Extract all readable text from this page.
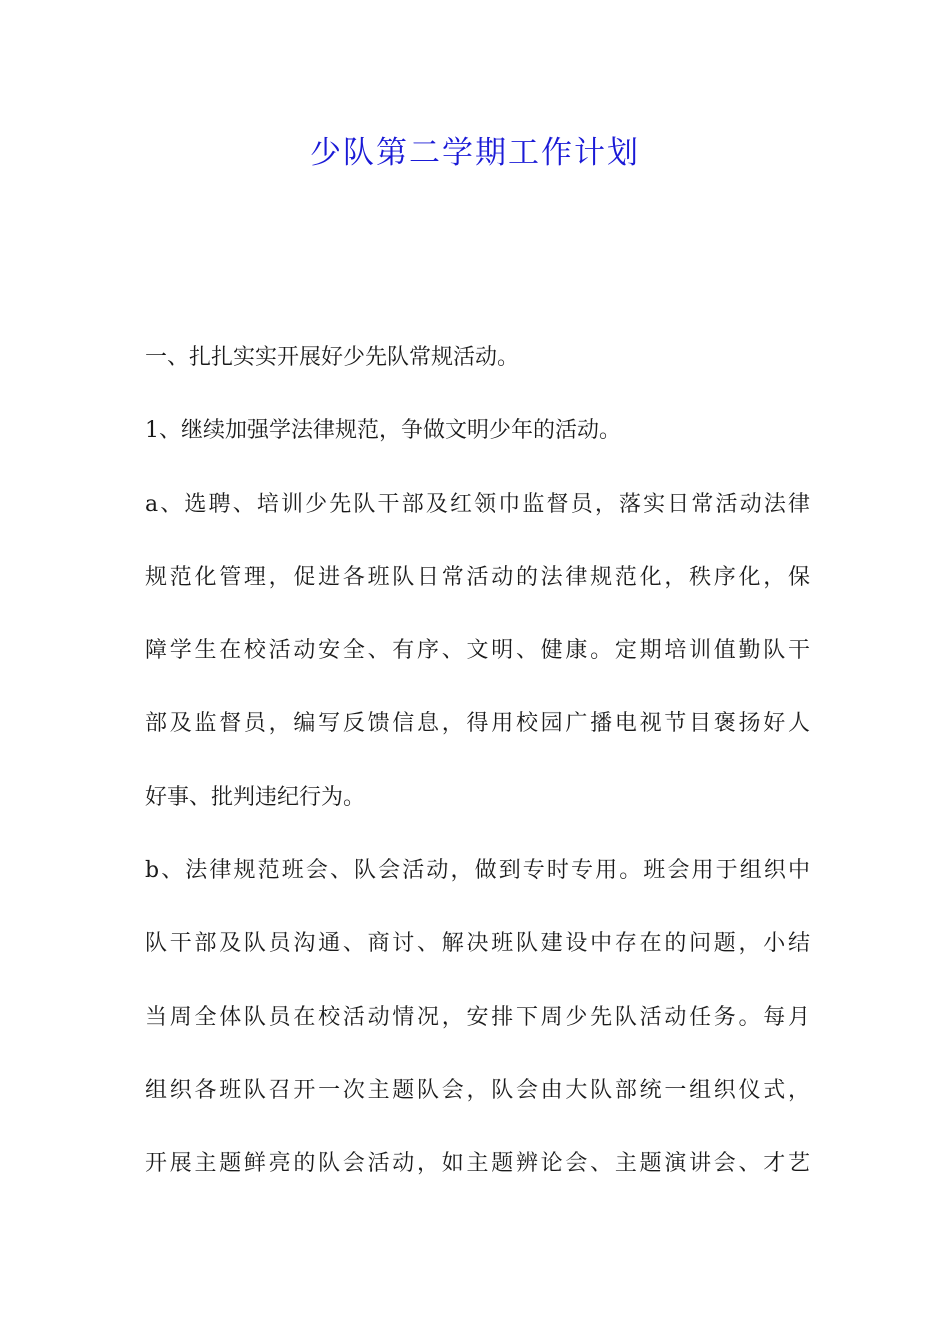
少队第二学期工作计划
一、扎扎实实开展好少先队常规活动。
1、继续加强学法律规范，争做文明少年的活动。
a、选聘、培训少先队干部及红领巾监督员，落实日常活动法律
规范化管理，促进各班队日常活动的法律规范化，秩序化，保
障学生在校活动安全、有序、文明、健康。定期培训值勤队干
部及监督员，编写反馈信息，得用校园广播电视节目褒扬好人
好事、批判违纪行为。
b、法律规范班会、队会活动，做到专时专用。班会用于组织中
队干部及队员沟通、商讨、解决班队建设中存在的问题，小结
当周全体队员在校活动情况，安排下周少先队活动任务。每月
组织各班队召开一次主题队会，队会由大队部统一组织仪式，
开展主题鲜亮的队会活动，如主题辨论会、主题演讲会、才艺
